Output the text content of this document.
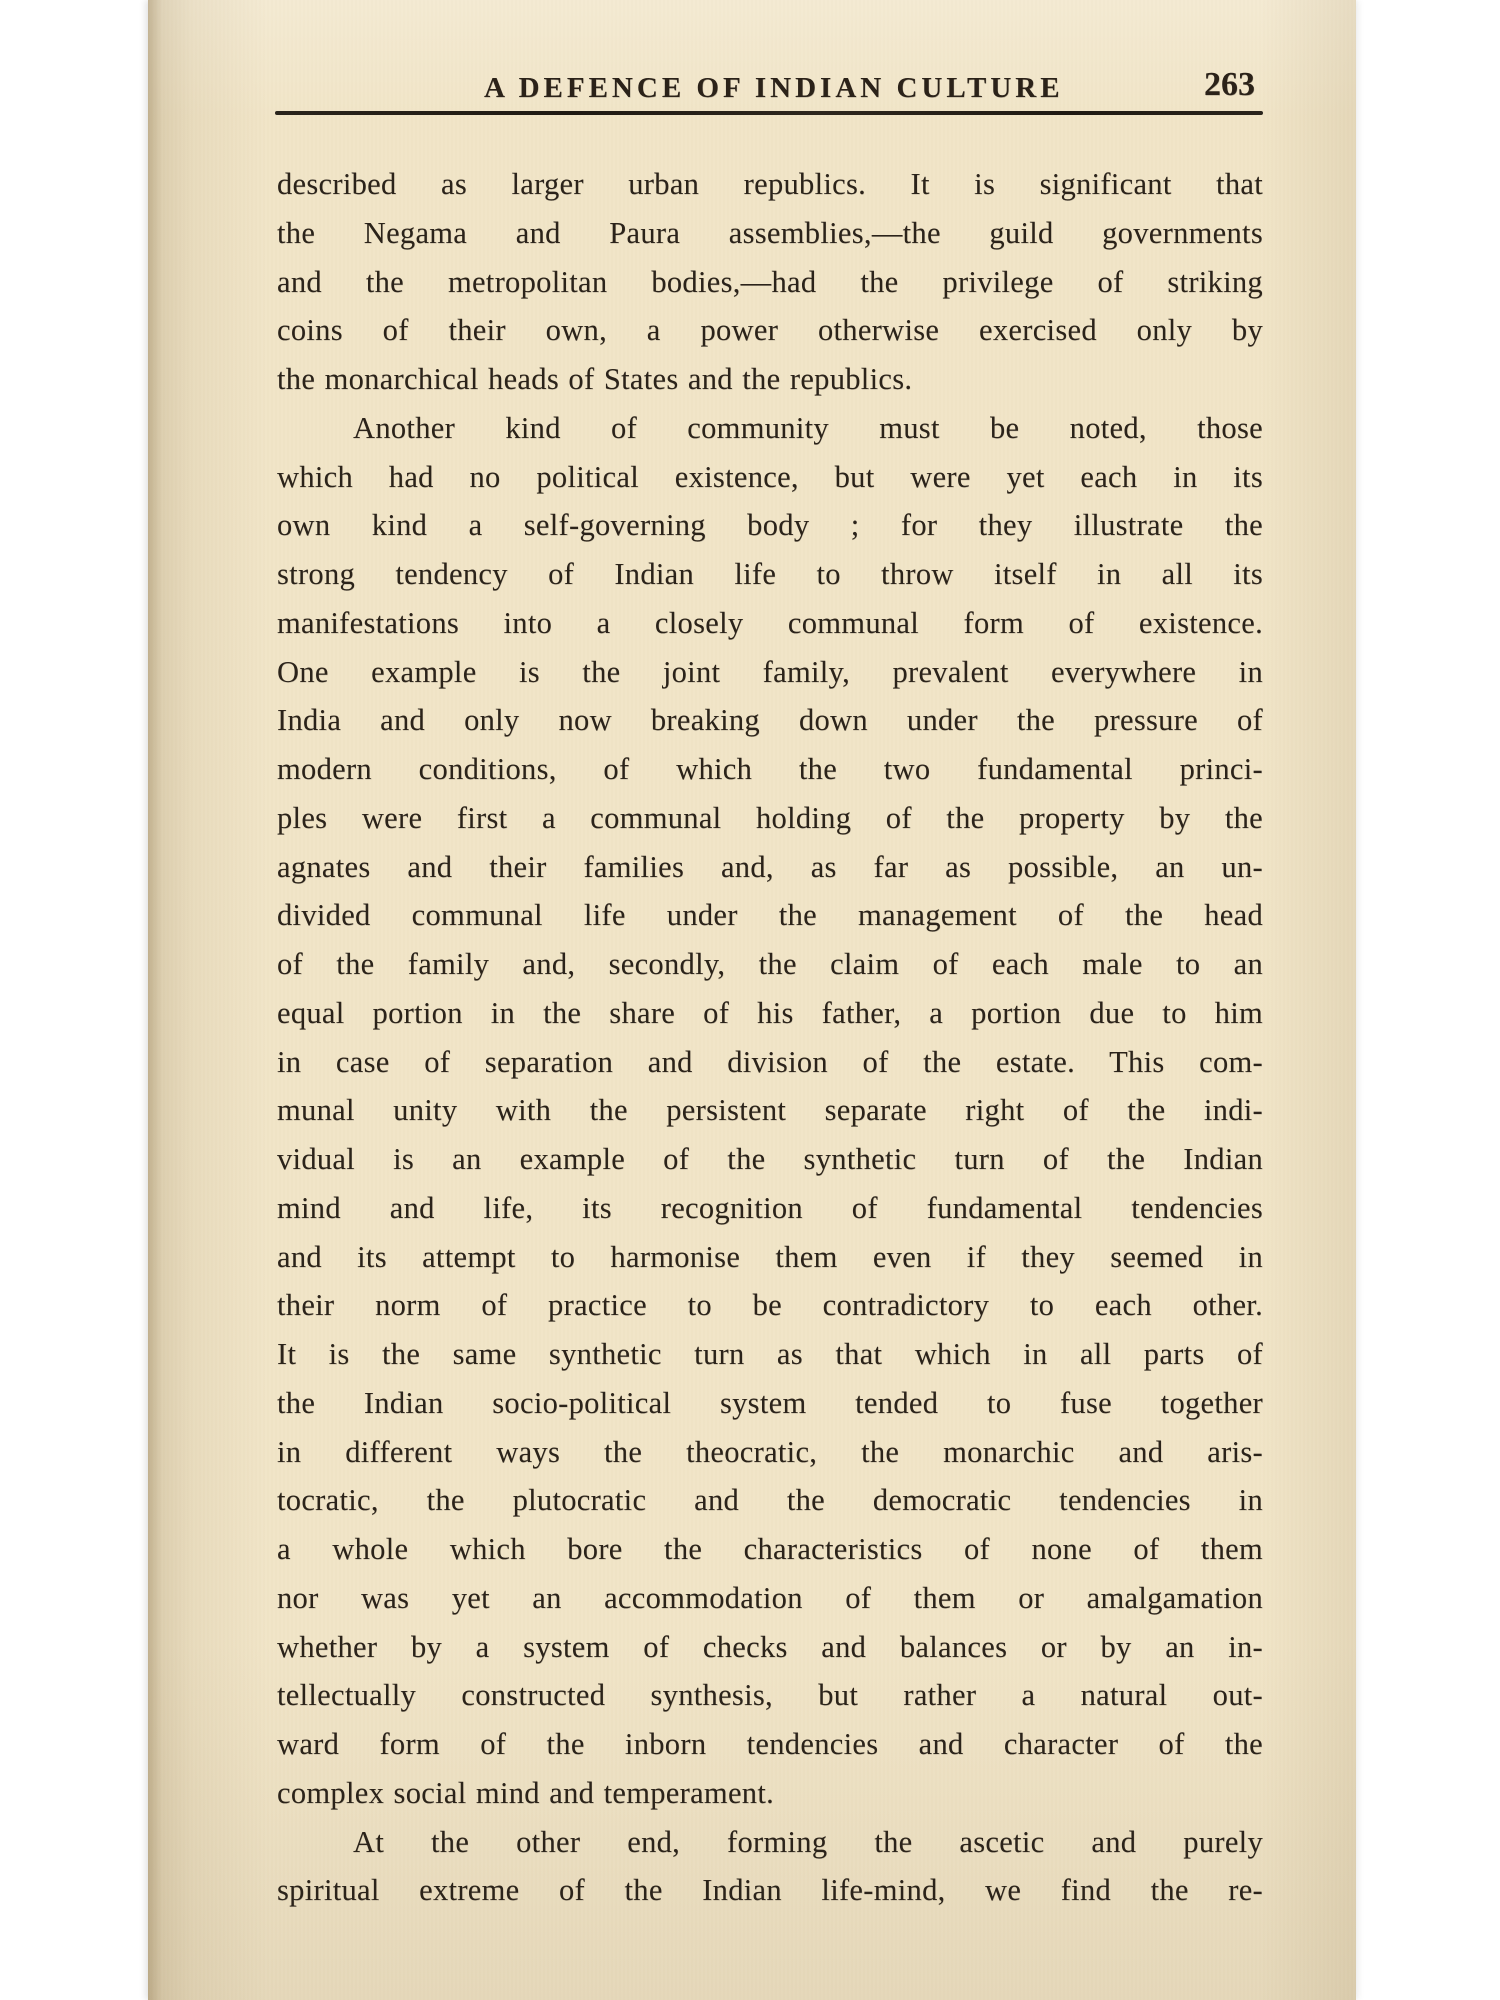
A DEFENCE OF INDIAN CULTURE	263
described as larger urban republics. It is significant that
the Negama and Paura assemblies,—the guild governments
and the metropolitan bodies,—had the privilege of striking
coins of their own, a power otherwise exercised only by
the monarchical heads of States and the republics.
Another kind of community must be noted, those
which had no political existence, but were yet each in its
own kind a self-governing body ; for they illustrate the
strong tendency of Indian life to throw itself in all its
manifestations into a closely communal form of existence.
One example is the joint family, prevalent everywhere in
India and only now breaking down under the pressure of
modern conditions, of which the two fundamental princi-
ples were first a communal holding of the property by the
agnates and their families and, as far as possible, an un-
divided communal life under the management of the head
of the family and, secondly, the claim of each male to an
equal portion in the share of his father, a portion due to him
in case of separation and division of the estate. This com-
munal unity with the persistent separate right of the indi-
vidual is an example of the synthetic turn of the Indian
mind and life, its recognition of fundamental tendencies
and its attempt to harmonise them even if they seemed in
their norm of practice to be contradictory to each other.
It is the same synthetic turn as that which in all parts of
the Indian socio-political system tended to fuse together
in different ways the theocratic, the monarchic and aris-
tocratic, the plutocratic and the democratic tendencies in
a whole which bore the characteristics of none of them
nor was yet an accommodation of them or amalgamation
whether by a system of checks and balances or by an in-
tellectually constructed synthesis, but rather a natural out-
ward form of the inborn tendencies and character of the
complex social mind and temperament.
At the other end, forming the ascetic and purely
spiritual extreme of the Indian life-mind, we find the re-
